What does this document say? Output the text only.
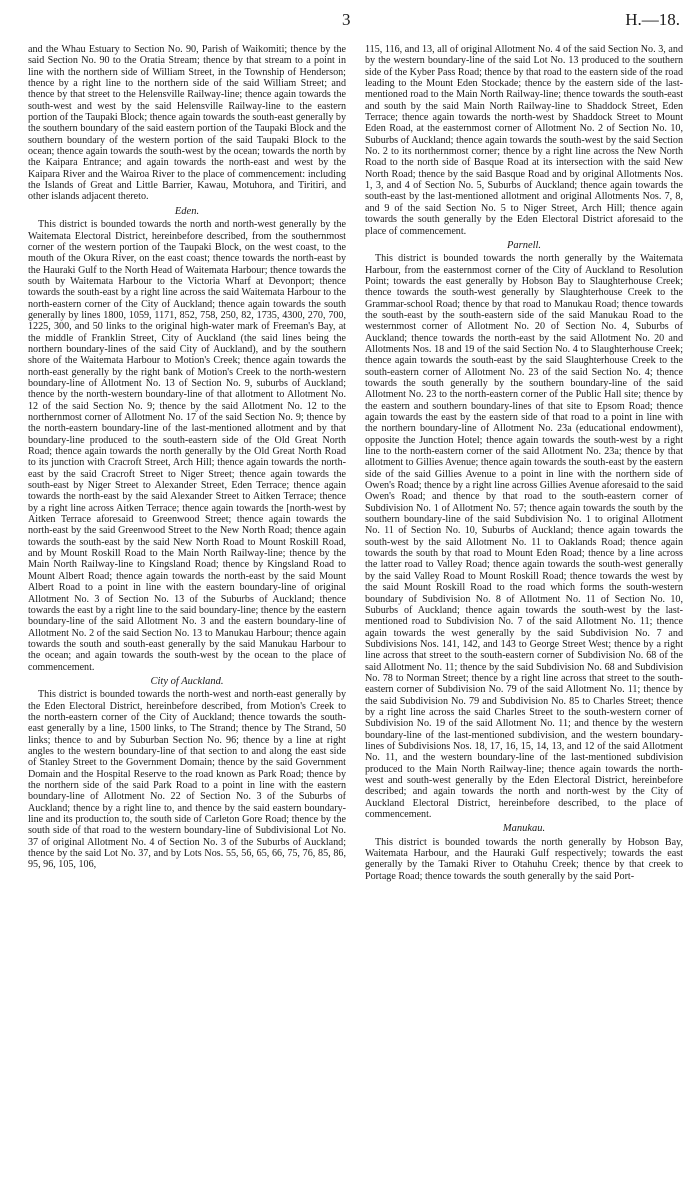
3	H.—18.

and the Whau Estuary to Section No. 90, Parish of Waikomiti; thence by the said Section No. 90 to the Oratia Stream; thence by that stream to a point in line with the northern side of William Street, in the Township of Henderson; thence by a right line to the northern side of the said William Street; and thence by that street to the Helensville Railway-line; thence again towards the south-west and west by the said Helensville Railway-line to the eastern portion of the Taupaki Block; thence again towards the south-east generally by the southern boundary of the said eastern portion of the Taupaki Block and the southern boundary of the western portion of the said Taupaki Block to the ocean; thence again towards the south-west by the ocean; towards the north by the Kaipara Entrance; and again towards the north-east and west by the Kaipara River and the Wairoa River to the place of commencement: including the Islands of Great and Little Barrier, Kawau, Motuhora, and Tiritiri, and other islands adjacent thereto.

Eden.

This district is bounded towards the north and north-west generally by the Waitemata Electoral District, hereinbefore described, from the southernmost corner of the western portion of the Taupaki Block, on the west coast, to the mouth of the Okura River, on the east coast; thence towards the north-east by the Hauraki Gulf to the North Head of Waitemata Harbour; thence towards the south by Waitemata Harbour to the Victoria Wharf at Devonport; thence towards the south-east by a right line across the said Waitemata Harbour to the north-eastern corner of the City of Auckland; thence again towards the south generally by lines 1800, 1059, 1171, 852, 758, 250, 82, 1735, 4300, 270, 700, 1225, 300, and 50 links to the original high-water mark of Freeman's Bay, at the middle of Franklin Street, City of Auckland (the said lines being the northern boundary-lines of the said City of Auckland), and by the southern shore of the Waitemata Harbour to Motion's Creek; thence again towards the north-east generally by the right bank of Motion's Creek to the north-western boundary-line of Allotment No. 13 of Section No. 9, suburbs of Auckland; thence by the north-western boundary-line of that allotment to Allotment No. 12 of the said Section No. 9; thence by the said Allotment No. 12 to the northernmost corner of Allotment No. 17 of the said Section No. 9; thence by the north-eastern boundary-line of the last-mentioned allotment and by that boundary-line produced to the south-eastern side of the Old Great North Road; thence again towards the north generally by the Old Great North Road to its junction with Cracroft Street, Arch Hill; thence again towards the north-east by the said Cracroft Street to Niger Street; thence again towards the south-east by Niger Street to Alexander Street, Eden Terrace; thence again towards the north-east by the said Alexander Street to Aitken Terrace; thence by a right line across Aitken Terrace; thence again towards the [north-west by Aitken Terrace aforesaid to Greenwood Street; thence again towards the north-east by the said Greenwood Street to the New North Road; thence again towards the south-east by the said New North Road to Mount Roskill Road, and by Mount Roskill Road to the Main North Railway-line; thence by the Main North Railway-line to Kingsland Road; thence by Kingsland Road to Mount Albert Road; thence again towards the north-east by the said Mount Albert Road to a point in line with the eastern boundary-line of original Allotment No. 3 of Section No. 13 of the Suburbs of Auckland; thence towards the east by a right line to the said boundary-line; thence by the eastern boundary-line of the said Allotment No. 3 and the eastern boundary-line of Allotment No. 2 of the said Section No. 13 to Manukau Harbour; thence again towards the south and south-east generally by the said Manukau Harbour to the ocean; and again towards the south-west by the ocean to the place of commencement.

City of Auckland.

This district is bounded towards the north-west and north-east generally by the Eden Electoral District, hereinbefore described, from Motion's Creek to the north-eastern corner of the City of Auckland; thence towards the south-east generally by a line, 1500 links, to The Strand; thence by The Strand, 50 links; thence to and by Suburban Section No. 96; thence by a line at right angles to the western boundary-line of that section to and along the east side of Stanley Street to the Government Domain; thence by the said Government Domain and the Hospital Reserve to the road known as Park Road; thence by the northern side of the said Park Road to a point in line with the eastern boundary-line of Allotment No. 22 of Section No. 3 of the Suburbs of Auckland; thence by a right line to, and thence by the said eastern boundary-line and its production to, the south side of Carleton Gore Road; thence by the south side of that road to the western boundary-line of Subdivisional Lot No. 37 of original Allotment No. 4 of Section No. 3 of the Suburbs of Auckland; thence by the said Lot No. 37, and by Lots Nos. 55, 56, 65, 66, 75, 76, 85, 86, 95, 96, 105, 106,

115, 116, and 13, all of original Allotment No. 4 of the said Section No. 3, and by the western boundary-line of the said Lot No. 13 produced to the southern side of the Kyber Pass Road; thence by that road to the eastern side of the road leading to the Mount Eden Stockade; thence by the eastern side of the last-mentioned road to the Main North Railway-line; thence towards the south-east and south by the said Main North Railway-line to Shaddock Street, Eden Terrace; thence again towards the north-west by Shaddock Street to Mount Eden Road, at the easternmost corner of Allotment No. 2 of Section No. 10, Suburbs of Auckland; thence again towards the south-west by the said Section No. 2 to its northernmost corner; thence by a right line across the New North Road to the north side of Basque Road at its intersection with the said New North Road; thence by the said Basque Road and by original Allotments Nos. 1, 3, and 4 of Section No. 5, Suburbs of Auckland; thence again towards the south-east by the last-mentioned allotment and original Allotments Nos. 7, 8, and 9 of the said Section No. 5 to Niger Street, Arch Hill; thence again towards the south generally by the Eden Electoral District aforesaid to the place of commencement.

Parnell.

This district is bounded towards the north generally by the Waitemata Harbour, from the easternmost corner of the City of Auckland to Resolution Point; towards the east generally by Hobson Bay to Slaughterhouse Creek; thence towards the south-west generally by Slaughterhouse Creek to the Grammar-school Road; thence by that road to Manukau Road; thence towards the south-east by the south-eastern side of the said Manukau Road to the westernmost corner of Allotment No. 20 of Section No. 4, Suburbs of Auckland; thence towards the north-east by the said Allotment No. 20 and Allotments Nos. 18 and 19 of the said Section No. 4 to Slaughterhouse Creek; thence again towards the south-east by the said Slaughterhouse Creek to the south-eastern corner of Allotment No. 23 of the said Section No. 4; thence towards the south generally by the southern boundary-line of the said Allotment No. 23 to the north-eastern corner of the Public Hall site; thence by the eastern and southern boundary-lines of that site to Epsom Road; thence again towards the east by the eastern side of that road to a point in line with the northern boundary-line of Allotment No. 23a (educational endowment), opposite the Junction Hotel; thence again towards the south-west by a right line to the north-eastern corner of the said Allotment No. 23a; thence by that allotment to Gillies Avenue; thence again towards the south-east by the eastern side of the said Gillies Avenue to a point in line with the northern side of Owen's Road; thence by a right line across Gillies Avenue aforesaid to the said Owen's Road; and thence by that road to the south-eastern corner of Subdivision No. 1 of Allotment No. 57; thence again towards the south by the southern boundary-line of the said Subdivision No. 1 to original Allotment No. 11 of Section No. 10, Suburbs of Auckland; thence again towards the south-west by the said Allotment No. 11 to Oaklands Road; thence again towards the south by that road to Mount Eden Road; thence by a line across the latter road to Valley Road; thence again towards the south-west generally by the said Valley Road to Mount Roskill Road; thence towards the west by the said Mount Roskill Road to the road which forms the south-western boundary of Subdivision No. 8 of Allotment No. 11 of Section No. 10, Suburbs of Auckland; thence again towards the south-west by the last-mentioned road to Subdivision No. 7 of the said Allotment No. 11; thence again towards the west generally by the said Subdivision No. 7 and Subdivisions Nos. 141, 142, and 143 to George Street West; thence by a right line across that street to the south-eastern corner of Subdivision No. 68 of the said Allotment No. 11; thence by the said Subdivision No. 68 and Subdivision No. 78 to Norman Street; thence by a right line across that street to the south-eastern corner of Subdivision No. 79 of the said Allotment No. 11; thence by the said Subdivision No. 79 and Subdivision No. 85 to Charles Street; thence by a right line across the said Charles Street to the south-western corner of Subdivision No. 19 of the said Allotment No. 11; and thence by the western boundary-line of the last-mentioned subdivision, and the western boundary-lines of Subdivisions Nos. 18, 17, 16, 15, 14, 13, and 12 of the said Allotment No. 11, and the western boundary-line of the last-mentioned subdivision produced to the Main North Railway-line; thence again towards the north-west and south-west generally by the Eden Electoral District, hereinbefore described; and again towards the north and north-west by the City of Auckland Electoral District, hereinbefore described, to the place of commencement.

Manukau.

This district is bounded towards the north generally by Hobson Bay, Waitemata Harbour, and the Hauraki Gulf respectively; towards the east generally by the Tamaki River to Otahuhu Creek; thence by that creek to Portage Road; thence towards the south generally by the said Port-
